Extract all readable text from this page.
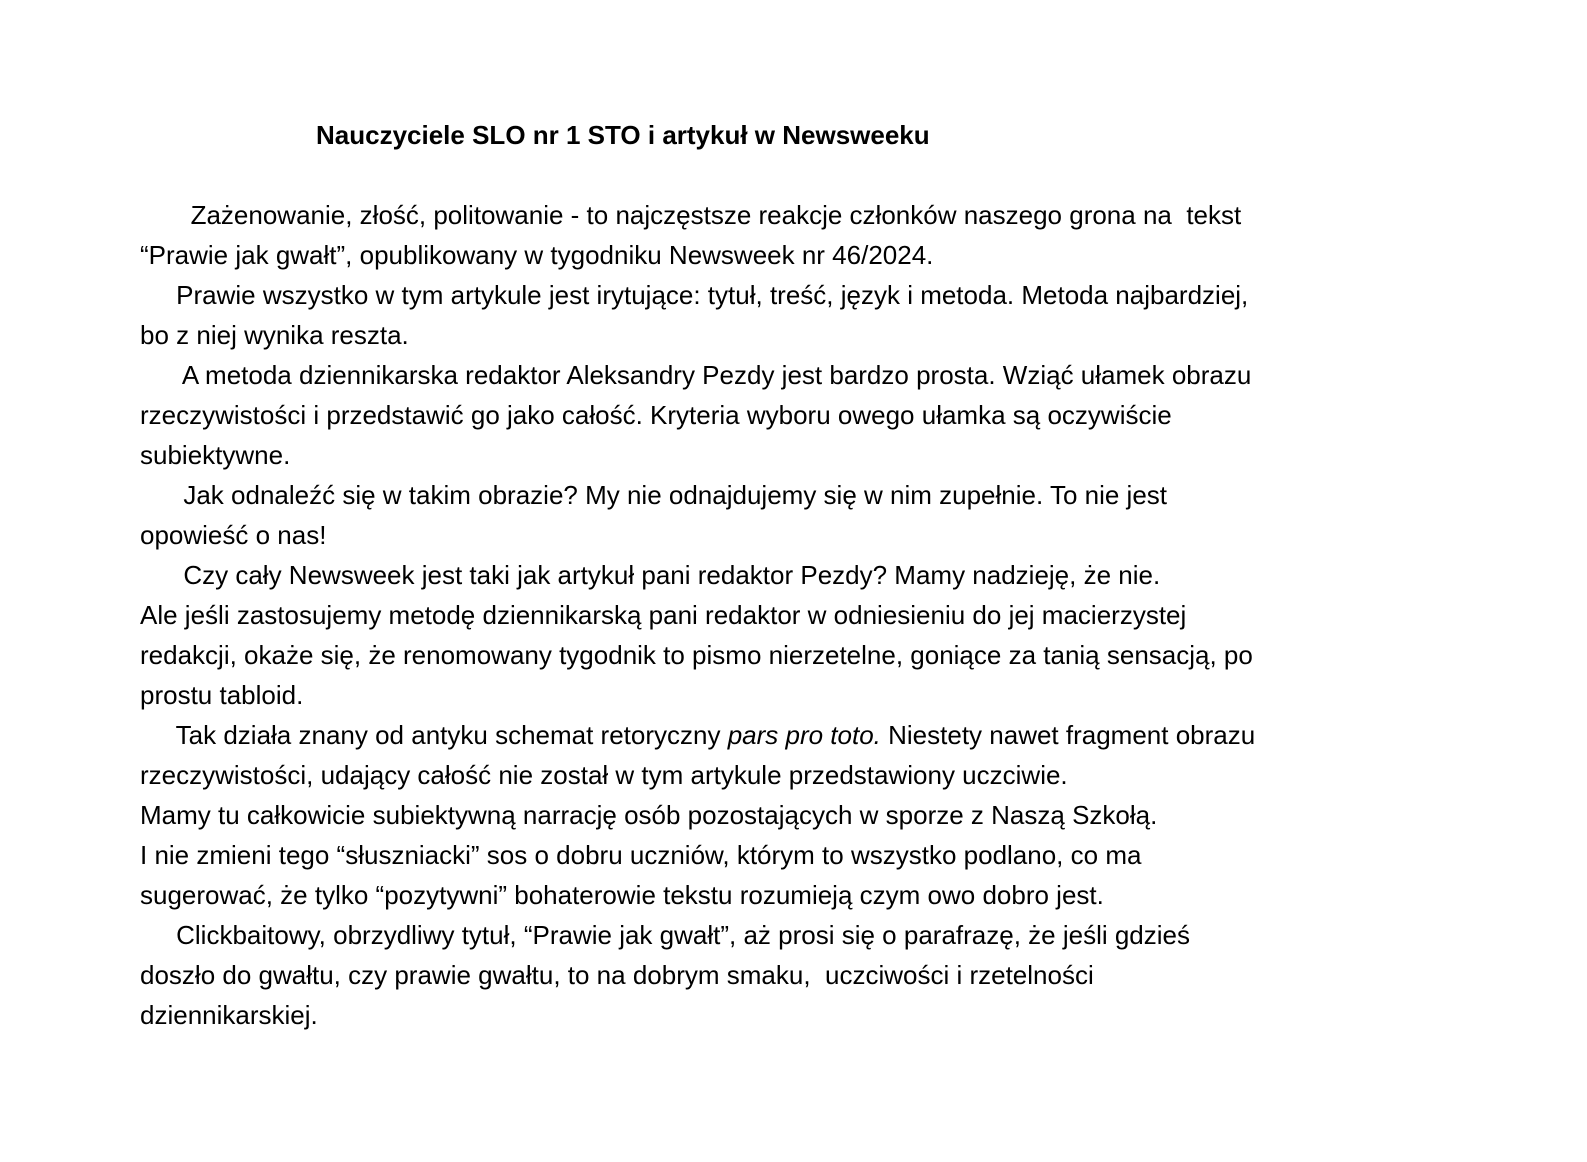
Nauczyciele SLO nr 1 STO i artykuł w Newsweeku
Zażenowanie, złość, politowanie - to najczęstsze reakcje członków naszego grona na  tekst
“Prawie jak gwałt”, opublikowany w tygodniku Newsweek nr 46/2024.
Prawie wszystko w tym artykule jest irytujące: tytuł, treść, język i metoda. Metoda najbardziej,
bo z niej wynika reszta.
A metoda dziennikarska redaktor Aleksandry Pezdy jest bardzo prosta. Wziąć ułamek obrazu
rzeczywistości i przedstawić go jako całość. Kryteria wyboru owego ułamka są oczywiście
subiektywne.
Jak odnaleźć się w takim obrazie? My nie odnajdujemy się w nim zupełnie. To nie jest
opowieść o nas!
Czy cały Newsweek jest taki jak artykuł pani redaktor Pezdy? Mamy nadzieję, że nie.
Ale jeśli zastosujemy metodę dziennikarską pani redaktor w odniesieniu do jej macierzystej
redakcji, okaże się, że renomowany tygodnik to pismo nierzetelne, goniące za tanią sensacją, po
prostu tabloid.
Tak działa znany od antyku schemat retoryczny pars pro toto. Niestety nawet fragment obrazu
rzeczywistości, udający całość nie został w tym artykule przedstawiony uczciwie.
Mamy tu całkowicie subiektywną narrację osób pozostających w sporze z Naszą Szkołą.
I nie zmieni tego “słuszniacki” sos o dobru uczniów, którym to wszystko podlano, co ma
sugerować, że tylko “pozytywni” bohaterowie tekstu rozumieją czym owo dobro jest.
Clickbaitowy, obrzydliwy tytuł, “Prawie jak gwałt”, aż prosi się o parafrazę, że jeśli gdzieś
doszło do gwałtu, czy prawie gwałtu, to na dobrym smaku,  uczciwości i rzetelności
dziennikarskiej.
